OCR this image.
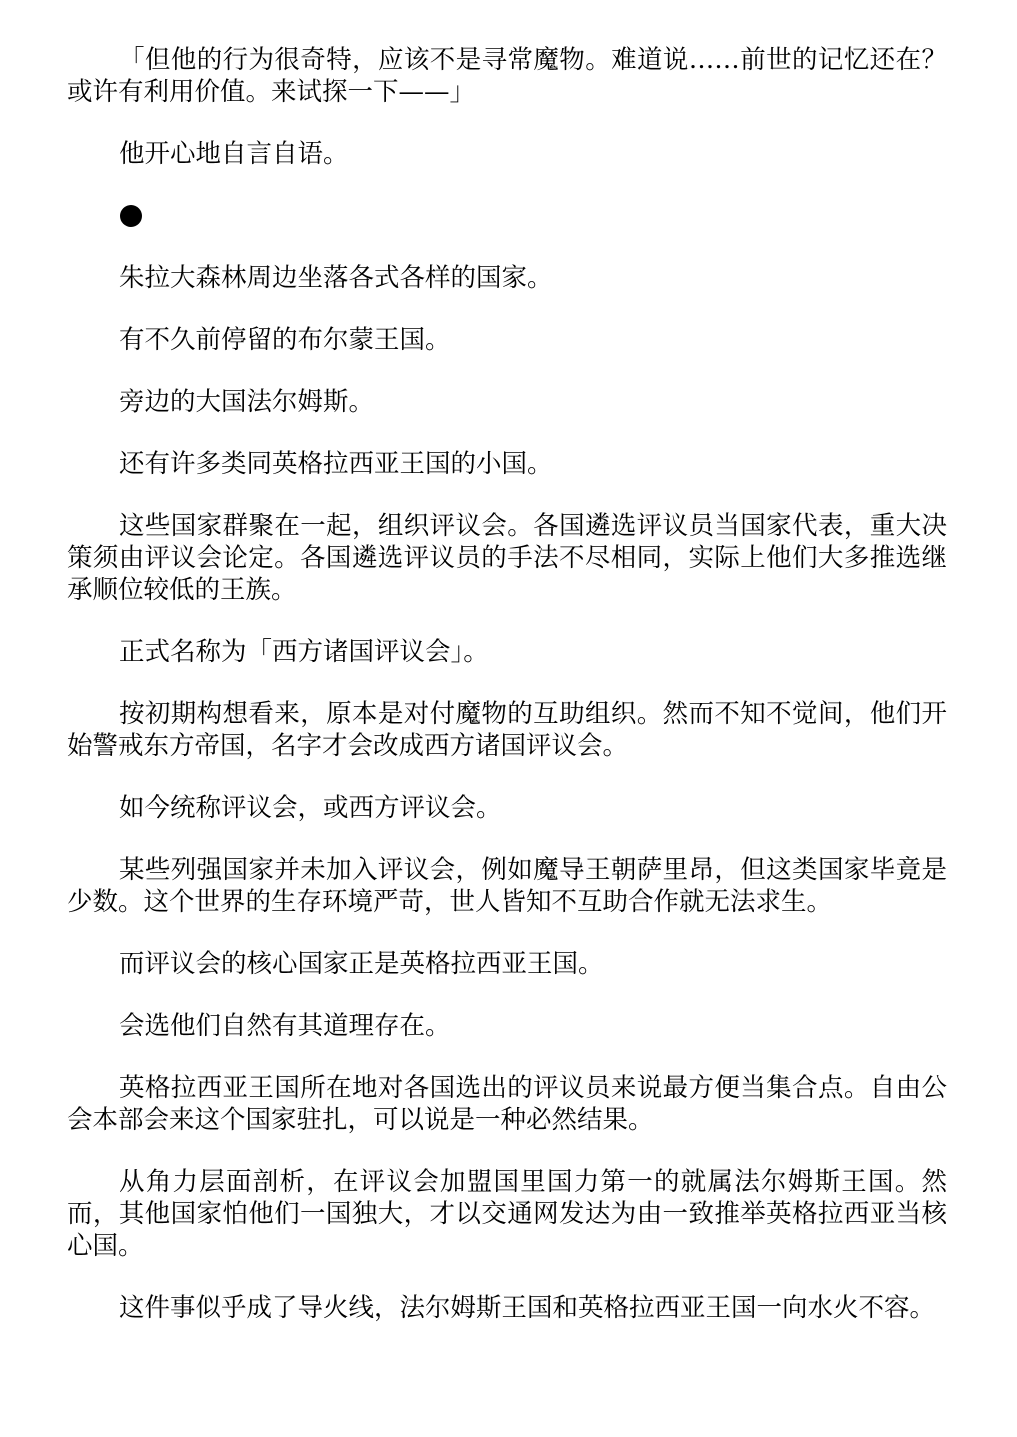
「但他的行为很奇特，应该不是寻常魔物。难道说……前世的记忆还在？或许有利用价值。来试探一下——」

他开心地自言自语。

朱拉大森林周边坐落各式各样的国家。

有不久前停留的布尔蒙王国。

旁边的大国法尔姆斯。

还有许多类同英格拉西亚王国的小国。

这些国家群聚在一起，组织评议会。各国遴选评议员当国家代表，重大决策须由评议会论定。各国遴选评议员的手法不尽相同，实际上他们大多推选继承顺位较低的王族。

正式名称为「西方诸国评议会」。

按初期构想看来，原本是对付魔物的互助组织。然而不知不觉间，他们开始警戒东方帝国，名字才会改成西方诸国评议会。

如今统称评议会，或西方评议会。

某些列强国家并未加入评议会，例如魔导王朝萨里昂，但这类国家毕竟是少数。这个世界的生存环境严苛，世人皆知不互助合作就无法求生。

而评议会的核心国家正是英格拉西亚王国。

会选他们自然有其道理存在。

英格拉西亚王国所在地对各国选出的评议员来说最方便当集合点。自由公会本部会来这个国家驻扎，可以说是一种必然结果。

从角力层面剖析，在评议会加盟国里国力第一的就属法尔姆斯王国。然而，其他国家怕他们一国独大，才以交通网发达为由一致推举英格拉西亚当核心国。

这件事似乎成了导火线，法尔姆斯王国和英格拉西亚王国一向水火不容。
